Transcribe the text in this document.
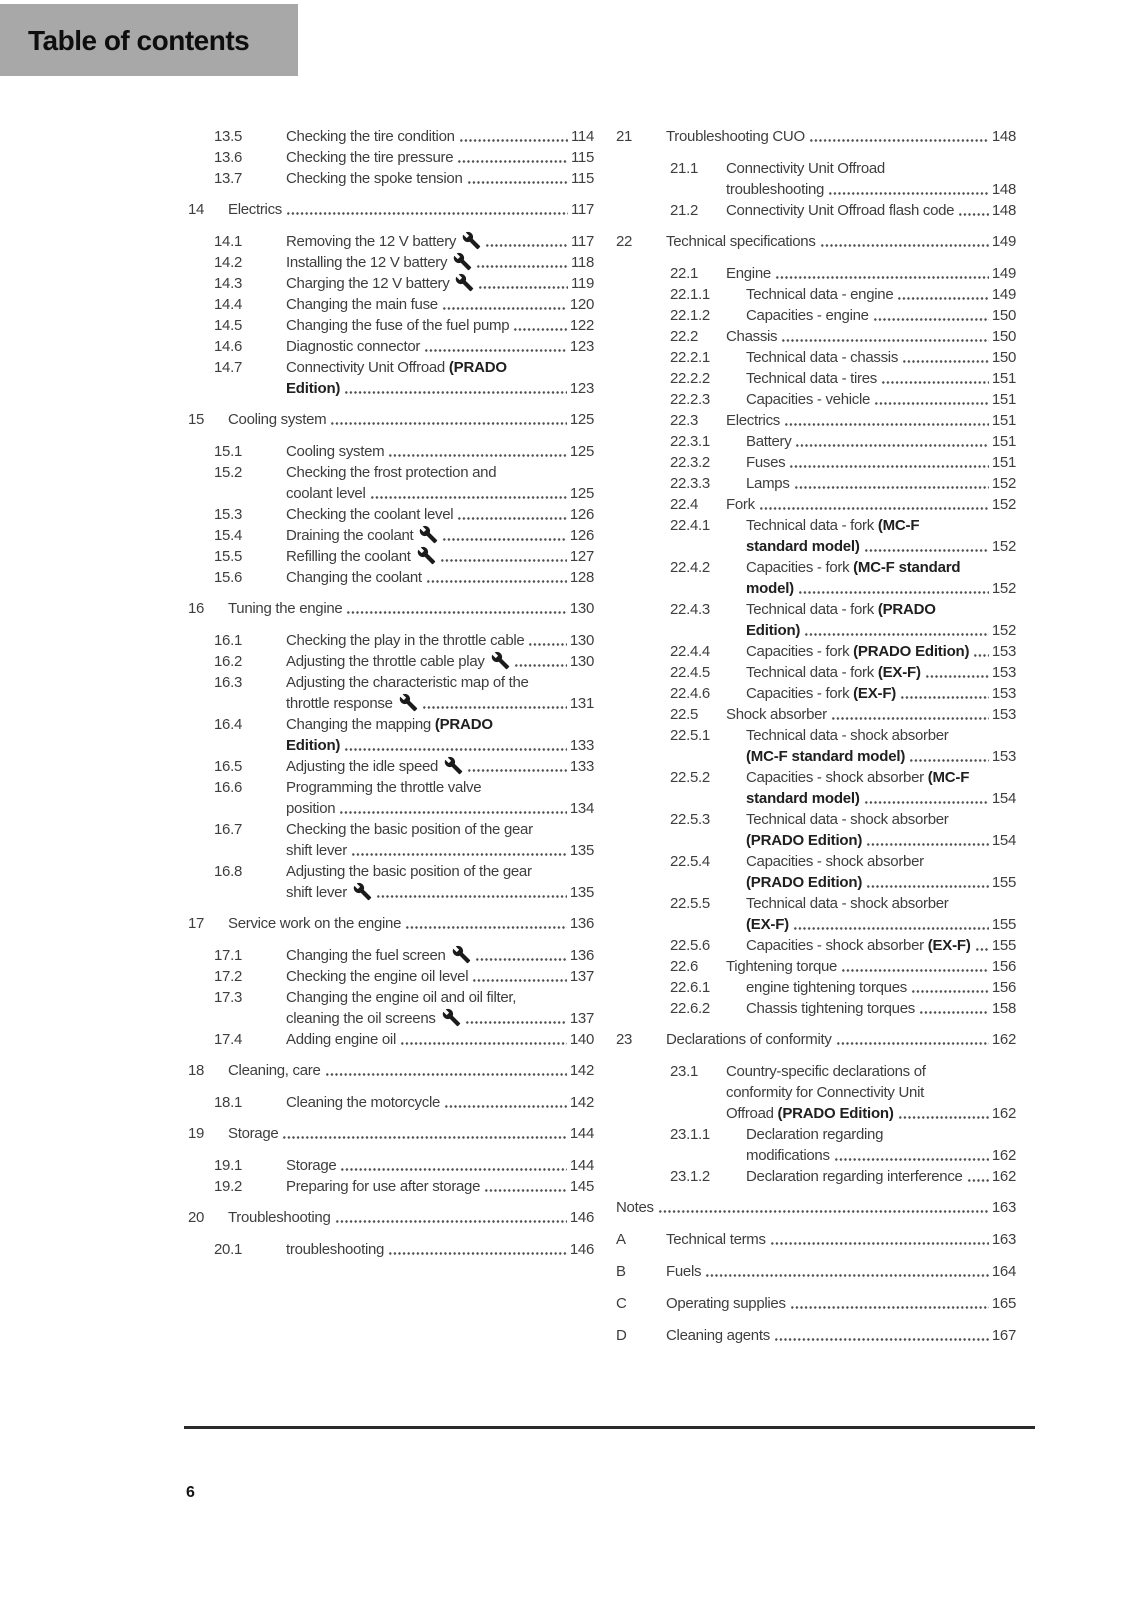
Table of contents
13.5	Checking the tire condition	114
13.6	Checking the tire pressure	115
13.7	Checking the spoke tension	115
14	Electrics	117
14.1	Removing the 12 V battery	117
14.2	Installing the 12 V battery	118
14.3	Charging the 12 V battery	119
14.4	Changing the main fuse	120
14.5	Changing the fuse of the fuel pump	122
14.6	Diagnostic connector	123
14.7	Connectivity Unit Offroad (PRADO
Edition)	123
15	Cooling system	125
15.1	Cooling system	125
15.2	Checking the frost protection and
coolant level	125
15.3	Checking the coolant level	126
15.4	Draining the coolant	126
15.5	Refilling the coolant	127
15.6	Changing the coolant	128
16	Tuning the engine	130
16.1	Checking the play in the throttle cable	130
16.2	Adjusting the throttle cable play	130
16.3	Adjusting the characteristic map of the
throttle response	131
16.4	Changing the mapping (PRADO
Edition)	133
16.5	Adjusting the idle speed	133
16.6	Programming the throttle valve
position	134
16.7	Checking the basic position of the gear
shift lever	135
16.8	Adjusting the basic position of the gear
shift lever	135
17	Service work on the engine	136
17.1	Changing the fuel screen	136
17.2	Checking the engine oil level	137
17.3	Changing the engine oil and oil filter,
cleaning the oil screens	137
17.4	Adding engine oil	140
18	Cleaning, care	142
18.1	Cleaning the motorcycle	142
19	Storage	144
19.1	Storage	144
19.2	Preparing for use after storage	145
20	Troubleshooting	146
20.1	troubleshooting	146
21	Troubleshooting CUO	148
21.1	Connectivity Unit Offroad
troubleshooting	148
21.2	Connectivity Unit Offroad flash code	148
22	Technical specifications	149
22.1	Engine	149
22.1.1	Technical data - engine	149
22.1.2	Capacities - engine	150
22.2	Chassis	150
22.2.1	Technical data - chassis	150
22.2.2	Technical data - tires	151
22.2.3	Capacities - vehicle	151
22.3	Electrics	151
22.3.1	Battery	151
22.3.2	Fuses	151
22.3.3	Lamps	152
22.4	Fork	152
22.4.1	Technical data - fork (MC-F
standard model)	152
22.4.2	Capacities - fork (MC-F standard
model)	152
22.4.3	Technical data - fork (PRADO
Edition)	152
22.4.4	Capacities - fork (PRADO Edition) 153
22.4.5	Technical data - fork (EX-F)	153
22.4.6	Capacities - fork (EX-F)	153
22.5	Shock absorber	153
22.5.1	Technical data - shock absorber
(MC-F standard model)	153
22.5.2	Capacities - shock absorber (MC-F
standard model)	154
22.5.3	Technical data - shock absorber
(PRADO Edition)	154
22.5.4	Capacities - shock absorber
(PRADO Edition)	155
22.5.5	Technical data - shock absorber
(EX-F)	155
22.5.6	Capacities - shock absorber (EX-F) 155
22.6	Tightening torque	156
22.6.1	engine tightening torques	156
22.6.2	Chassis tightening torques	158
23	Declarations of conformity	162
23.1	Country-specific declarations of
conformity for Connectivity Unit
Offroad (PRADO Edition)	162
23.1.1	Declaration regarding
modifications	162
23.1.2	Declaration regarding interference 162
Notes	163
A	Technical terms	163
B	Fuels	164
C	Operating supplies	165
D	Cleaning agents	167
6
